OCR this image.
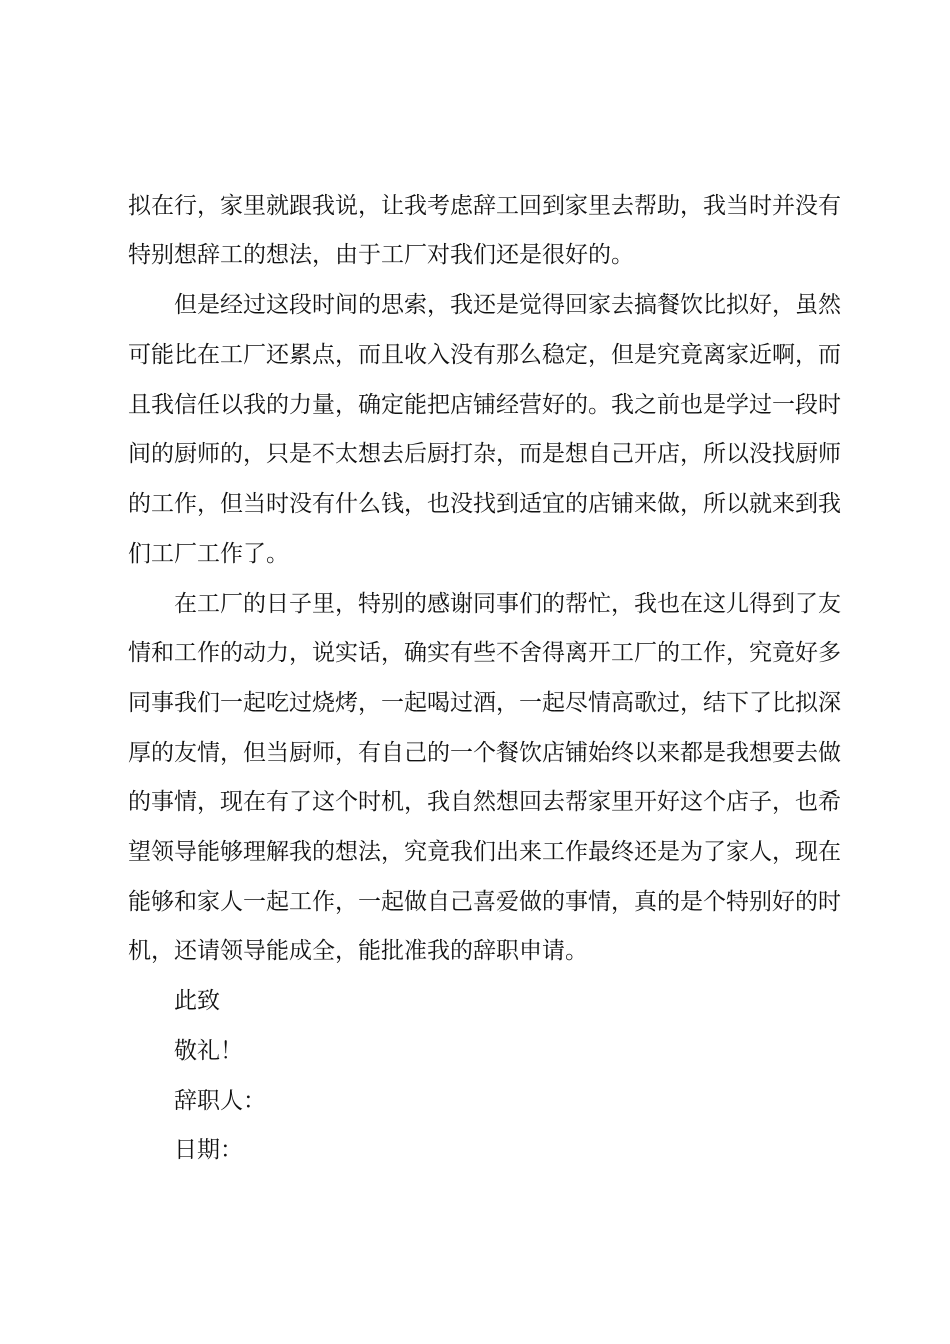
拟在行，家里就跟我说，让我考虑辞工回到家里去帮助，我当时并没有
特别想辞工的想法，由于工厂对我们还是很好的。
但是经过这段时间的思索，我还是觉得回家去搞餐饮比拟好，虽然
可能比在工厂还累点，而且收入没有那么稳定，但是究竟离家近啊，而
且我信任以我的力量，确定能把店铺经营好的。我之前也是学过一段时
间的厨师的，只是不太想去后厨打杂，而是想自己开店，所以没找厨师
的工作，但当时没有什么钱，也没找到适宜的店铺来做，所以就来到我
们工厂工作了。
在工厂的日子里，特别的感谢同事们的帮忙，我也在这儿得到了友
情和工作的动力，说实话，确实有些不舍得离开工厂的工作，究竟好多
同事我们一起吃过烧烤，一起喝过酒，一起尽情高歌过，结下了比拟深
厚的友情，但当厨师，有自己的一个餐饮店铺始终以来都是我想要去做
的事情，现在有了这个时机，我自然想回去帮家里开好这个店子，也希
望领导能够理解我的想法，究竟我们出来工作最终还是为了家人，现在
能够和家人一起工作，一起做自己喜爱做的事情，真的是个特别好的时
机，还请领导能成全，能批准我的辞职申请。
此致
敬礼！
辞职人：
日期：
